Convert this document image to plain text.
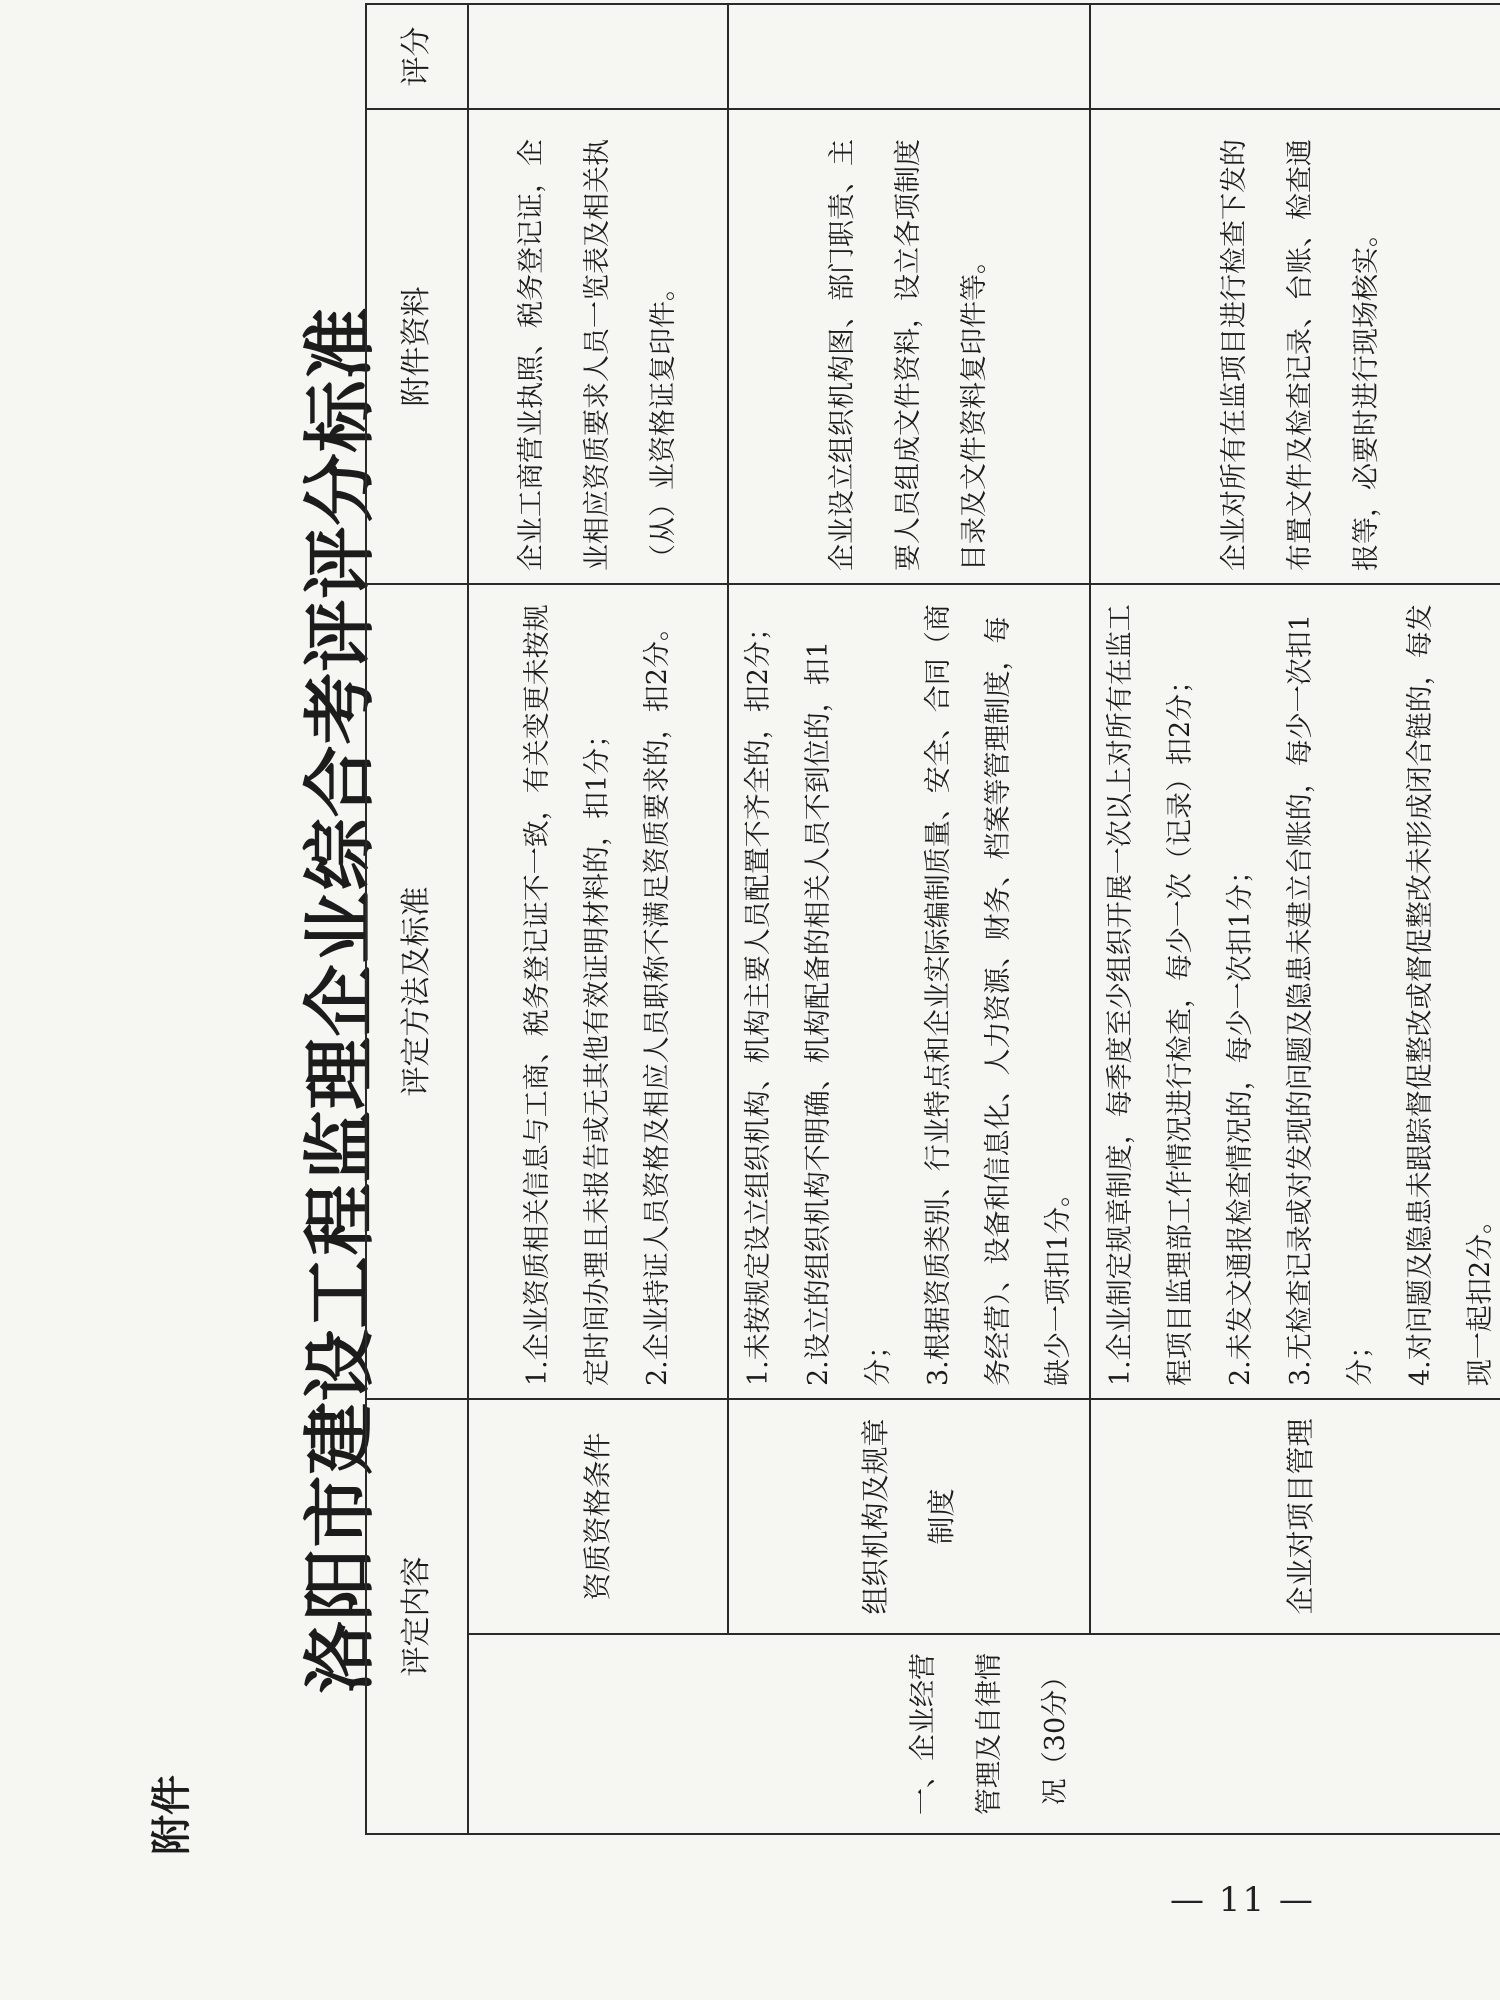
— 11 —
附件
洛阳市建设工程监理企业综合考评评分标准 评定内容		评定方法及标准	附件资料	评分
一、企业经营管理及自律情况（30分）	资质资格条件	1.企业资质相关信息与工商、税务登记证不一致，有关变更未按规定时间办理且未报告或无其他有效证明材料的，扣1分； 2.企业持证人员资格及相应人员职称不满足资质要求的，扣2分。	企业工商营业执照、税务登记证，企业相应资质要求人员一览表及相关执（从）业资格证复印件。	
	组织机构及规章制度	1.未按规定设立组织机构、机构主要人员配置不齐全的，扣2分； 2.设立的组织机构不明确、机构配备的相关人员不到位的，扣1分； 3.根据资质类别、行业特点和企业实际编制质量、安全、合同（商务经营）、设备和信息化、人力资源、财务、档案等管理制度，每缺少一项扣1分。	企业设立组织机构图、部门职责、主要人员组成文件资料，设立各项制度目录及文件资料复印件等。	
	企业对项目管理	1.企业制定规章制度，每季度至少组织开展一次以上对所有在监工程项目监理部工作情况进行检查，每少一次（记录）扣2分； 2.未发文通报检查情况的，每少一次扣1分； 3.无检查记录或对发现的问题及隐患未建立台账的，每少一次扣1分； 4.对问题及隐患未跟踪督促整改或督促整改未形成闭合链的，每发现一起扣2分。	企业对所有在监项目进行检查下发的布置文件及检查记录、台账、检查通报等，必要时进行现场核实。	
